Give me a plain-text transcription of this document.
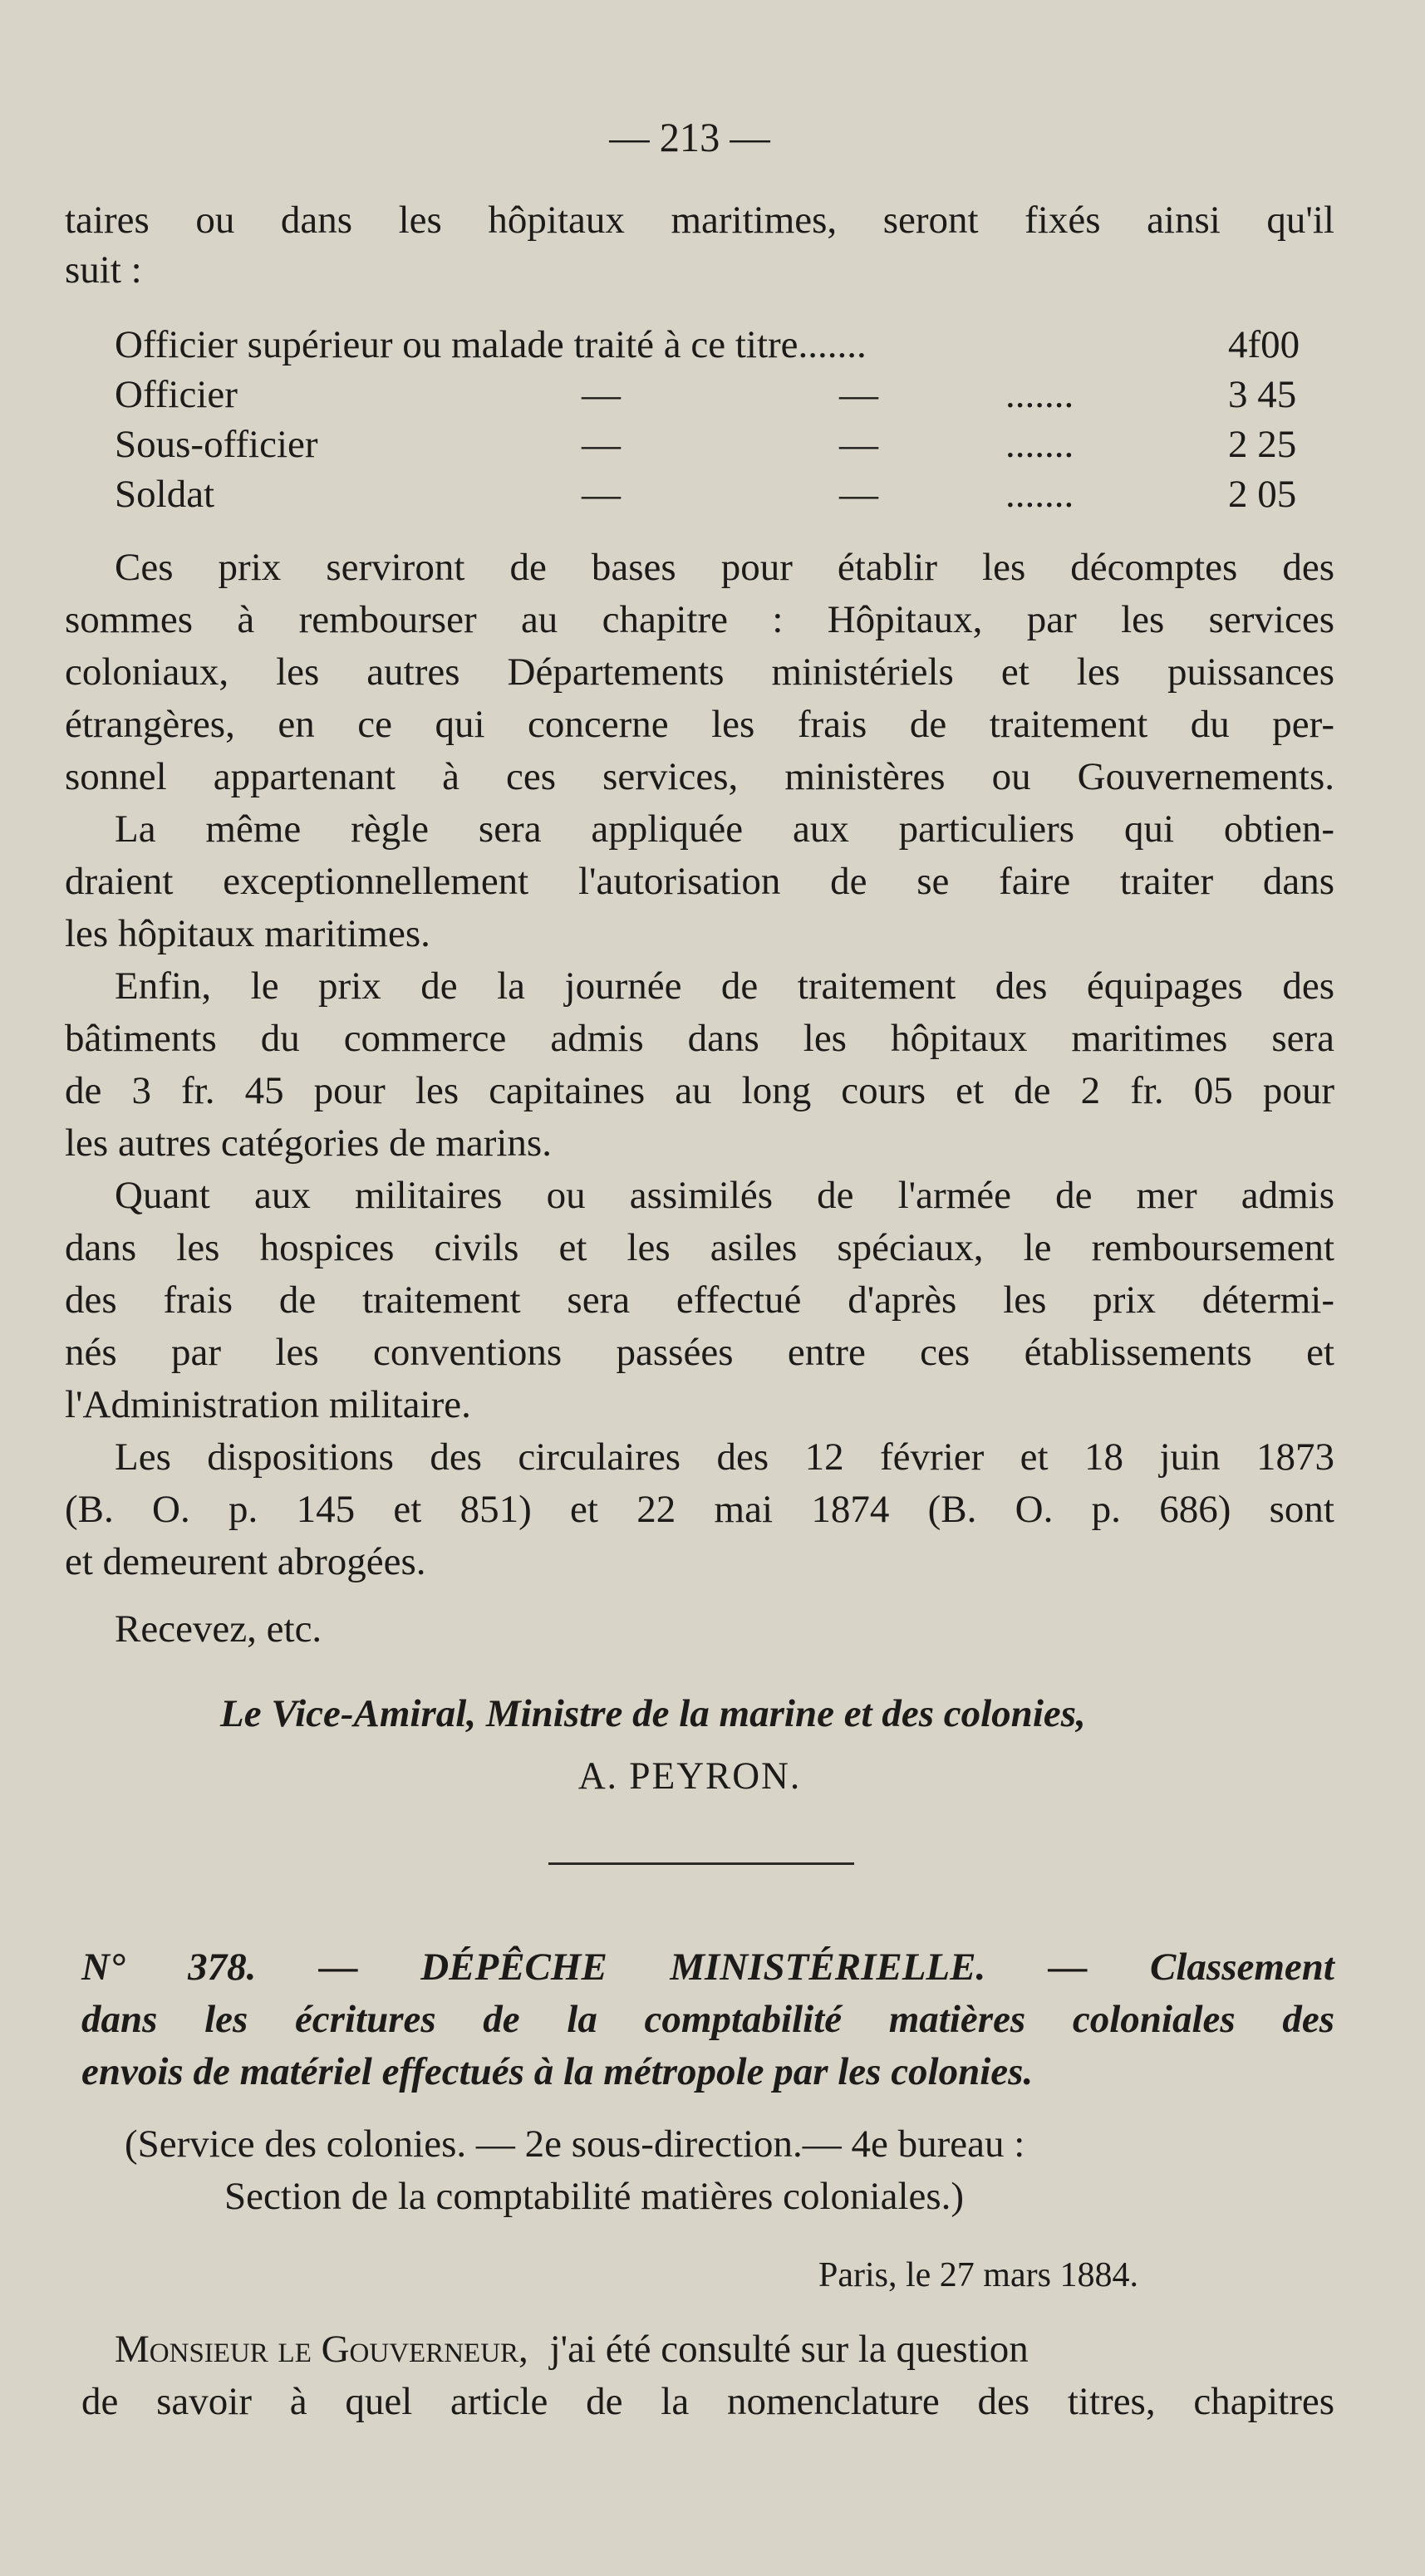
— 213 —
taires ou dans les hôpitaux maritimes, seront fixés ainsi qu'il
suit :
Officier supérieur ou malade traité à ce titre.......	4f00
Officier	—	—	.......	3 45
Sous-officier	—	—	.......	2 25
Soldat	—	—	.......	2 05
Ces prix serviront de bases pour établir les décomptes des
sommes à rembourser au chapitre : Hôpitaux, par les services
coloniaux, les autres Départements ministériels et les puissances
étrangères, en ce qui concerne les frais de traitement du per-
sonnel appartenant à ces services, ministères ou Gouvernements.
La même règle sera appliquée aux particuliers qui obtien-
draient exceptionnellement l'autorisation de se faire traiter dans
les hôpitaux maritimes.
Enfin, le prix de la journée de traitement des équipages des
bâtiments du commerce admis dans les hôpitaux maritimes sera
de 3 fr. 45 pour les capitaines au long cours et de 2 fr. 05 pour
les autres catégories de marins.
Quant aux militaires ou assimilés de l'armée de mer admis
dans les hospices civils et les asiles spéciaux, le remboursement
des frais de traitement sera effectué d'après les prix détermi-
nés par les conventions passées entre ces établissements et
l'Administration militaire.
Les dispositions des circulaires des 12 février et 18 juin 1873
(B. O. p. 145 et 851) et 22 mai 1874 (B. O. p. 686) sont
et demeurent abrogées.
Recevez, etc.
Le Vice-Amiral, Ministre de la marine et des colonies,
A. PEYRON.
N° 378. — DÉPÊCHE MINISTÉRIELLE. — Classement
dans les écritures de la comptabilité matières coloniales des
envois de matériel effectués à la métropole par les colonies.
(Service des colonies. — 2e sous-direction.— 4e bureau :
Section de la comptabilité matières coloniales.)
Paris, le 27 mars 1884.
Monsieur le Gouverneur, j'ai été consulté sur la question
de savoir à quel article de la nomenclature des titres, chapitres
